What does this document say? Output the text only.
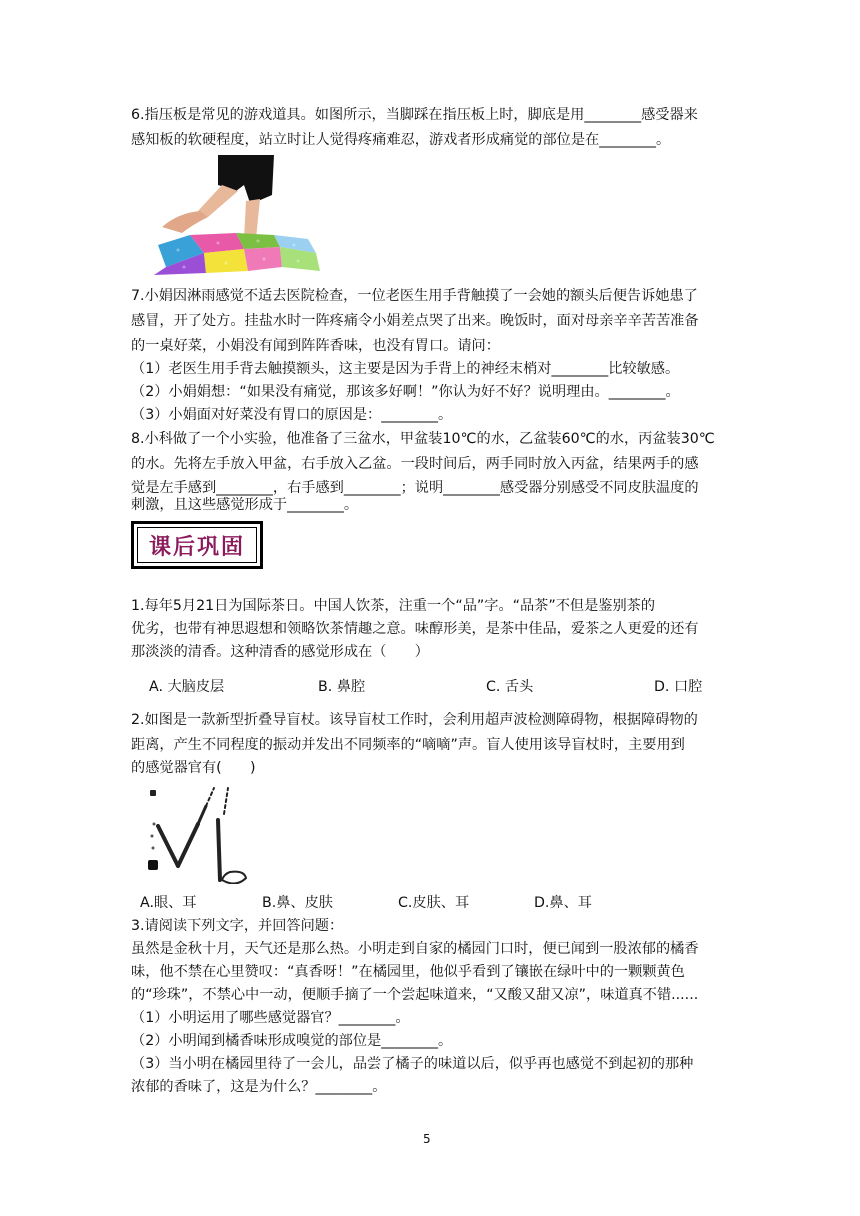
6.指压板是常见的游戏道具。如图所示，当脚踩在指压板上时，脚底是用________感受器来
感知板的软硬程度，站立时让人觉得疼痛难忍，游戏者形成痛觉的部位是在________。
7.小娟因淋雨感觉不适去医院检查，一位老医生用手背触摸了一会她的额头后便告诉她患了
感冒，开了处方。挂盐水时一阵疼痛令小娟差点哭了出来。晚饭时，面对母亲辛辛苦苦准备
的一桌好菜，小娟没有闻到阵阵香味，也没有胃口。请问：
（1）老医生用手背去触摸额头，这主要是因为手背上的神经末梢对________比较敏感。
（2）小娟娟想：“如果没有痛觉，那该多好啊！”你认为好不好？说明理由。________。
（3）小娟面对好菜没有胃口的原因是：________。
8.小科做了一个小实验，他准备了三盆水，甲盆装10℃的水，乙盆装60℃的水，丙盆装30℃
的水。先将左手放入甲盆，右手放入乙盆。一段时间后，两手同时放入丙盆，结果两手的感
觉是左手感到________，右手感到________；说明________感受器分别感受不同皮肤温度的
刺激，且这些感觉形成于________。
课后巩固
1.每年5月21日为国际茶日。中国人饮茶，注重一个“品”字。“品茶”不但是鉴别茶的
优劣，也带有神思遐想和领略饮茶情趣之意。味醇形美，是茶中佳品，爱茶之人更爱的还有
那淡淡的清香。这种清香的感觉形成在（　　）
A. 大脑皮层	B. 鼻腔	C. 舌头	D. 口腔
2.如图是一款新型折叠导盲杖。该导盲杖工作时，会利用超声波检测障碍物，根据障碍物的
距离，产生不同程度的振动并发出不同频率的“嘀嘀”声。盲人使用该导盲杖时，主要用到
的感觉器官有(　　)
A.眼、耳	B.鼻、皮肤	C.皮肤、耳	D.鼻、耳
3.请阅读下列文字，并回答问题：
虽然是金秋十月，天气还是那么热。小明走到自家的橘园门口时，便已闻到一股浓郁的橘香
味，他不禁在心里赞叹：“真香呀！”在橘园里，他似乎看到了镶嵌在绿叶中的一颗颗黄色
的“珍珠”，不禁心中一动，便顺手摘了一个尝起味道来，“又酸又甜又凉”，味道真不错......
（1）小明运用了哪些感觉器官？________。
（2）小明闻到橘香味形成嗅觉的部位是________。
（3）当小明在橘园里待了一会儿，品尝了橘子的味道以后，似乎再也感觉不到起初的那种
浓郁的香味了，这是为什么？________。
5
